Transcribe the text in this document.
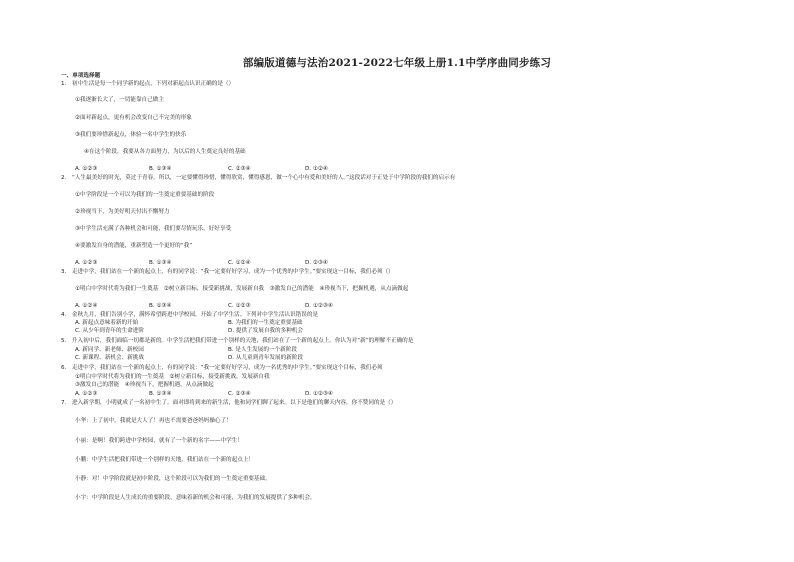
部编版道德与法治2021-2022七年级上册1.1中学序曲同步练习
一、单项选择题
1.　初中生活是每一个同学新的起点，下列对新起点认识正确的是（）
①我逐渐长大了，一切能靠自己做主
②面对新起点，更有机会改变自己不完美的形象
③我们要珍惜新起点，体验一名中学生的快乐
④在这个阶段，我要从各方面努力，为以后的人生奠定良好的基础
A. ①②③	B. ①③④	C. ②③④	D. ①②④
2.　“人生最美好的时光，莫过于青春。所以，一定要懂得珍惜，懂得欣赏，懂得感恩，做一个心中有爱和美好的人。”这段话对于正处于中学阶段的我们的启示有
①中学阶段是一个可以为我们的一生奠定重要基础的阶段
②珍视当下，为美好明天付出不懈努力
③中学生活充满了各种机会和可能，我们要尽情玩乐，好好享受
④要激发自身的潜能，重新塑造一个更好的“我”
A. ①②③	B. ①③④	C. ①②④	D. ②③④
3.　走进中学，我们站在一个新的起点上，有的同学说：“我一定要好好学习，成为一个优秀的中学生。”要实现这一目标，我们必须（）
①明白中学时代将为我们一生奠基　②树立新目标，接受新挑战，发展新自我　③激发自己的潜能　④珍视当下，把握机遇，从点滴做起
A. ①②④	B. ①③④	C. ①②③	D. ①②③④
4.　金秋九月，我们告别小学，满怀希望跨进中学校园，开始了中学生活。下列对中学生活认识错误的是
A. 新起点意味着新的开始	B. 为我们的一生奠定重要基础
C. 从少年到青年的生命进阶	D. 提供了发展自我的多种机会
5.　升入初中后，我们面临一切都是新的。中学生活把我们带进一个别样的天地，我们站在了一个新的起点上。你认为对“新”的理解不正确的是
A. 新同学、新老师、新校园	B. 是人生发展的一个新阶段
C. 新课程、新机会、新挑战	D. 从儿童到青年发展的新阶段
6.　走进中学，我们站在一个新的起点上，有的同学说：“我一定要好好学习，成为一名优秀的中学生。”要实现这个目标，我们必须
①明白中学时代将为我们的一生奠基　②树立新目标，接受新挑战，发展新自我
③激发自己的潜能　④珍视当下，把握机遇，从点滴做起
A. ①②③	B. ①③④	C. ②③④	D. ①②③④
7.　进入新学期，小明就成了一名初中生了。面对即将到来的新生活，他和同学们聊了起来。以下是他们的聊天内容，你不赞同的是（）
小华：上了初中，我就是大人了！再也不需要爸爸妈妈操心了！
小丽：是啊！我们跨进中学校园，就有了一个新的名字——中学生！
小鹏：中学生活把我们带进一个别样的天地，我们站在一个新的起点上！
小静：对！中学阶段就是初中阶段，这个阶段可以为我们的一生奠定重要基础。
小宇：中学阶段是人生成长的重要阶段，意味着新的机会和可能，为我们的发展提供了多种机会。
